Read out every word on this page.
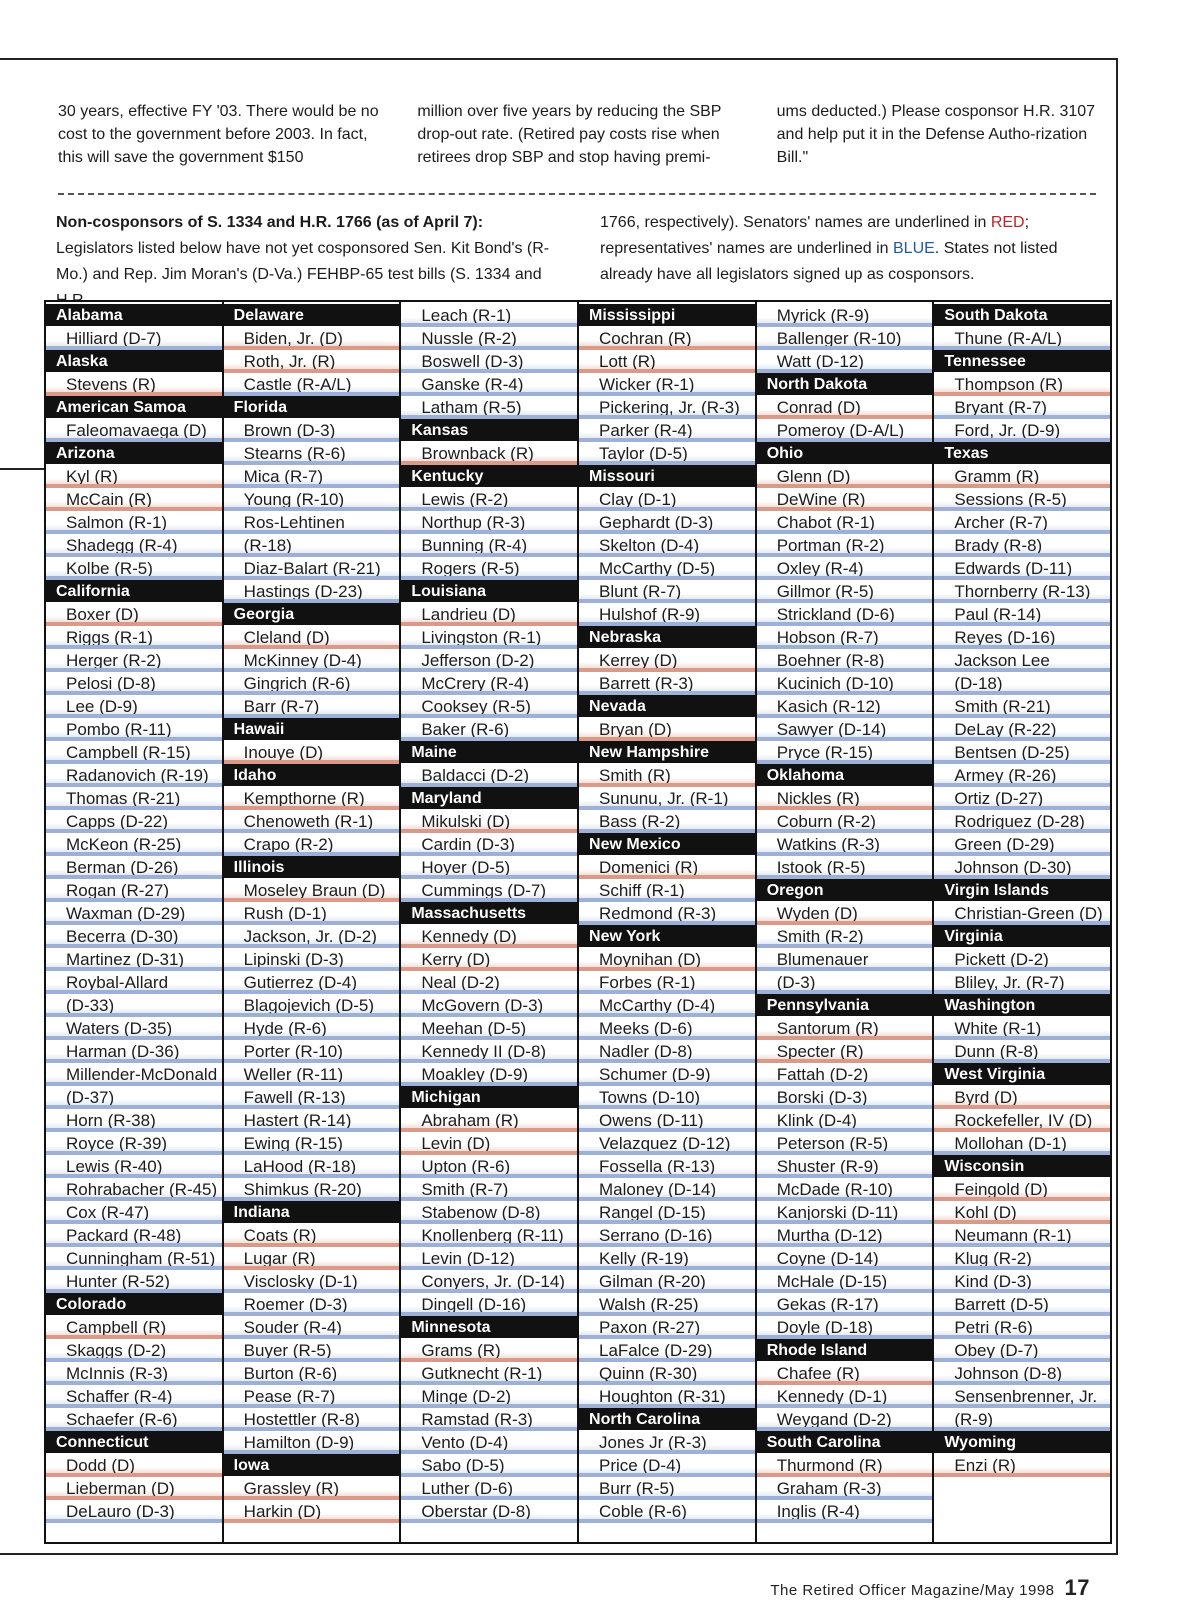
30 years, effective FY '03. There would be no cost to the government before 2003. In fact, this will save the government $150
million over five years by reducing the SBP drop-out rate. (Retired pay costs rise when retirees drop SBP and stop having premi-
ums deducted.) Please cosponsor H.R. 3107 and help put it in the Defense Autho-rization Bill."
Non-cosponsors of S. 1334 and H.R. 1766 (as of April 7): Legislators listed below have not yet cosponsored Sen. Kit Bond's (R-Mo.) and Rep. Jim Moran's (D-Va.) FEHBP-65 test bills (S. 1334 and
1766, respectively). Senators' names are underlined in RED; representatives' names are underlined in BLUE. States not listed already have all legislators signed up as cosponsors.
Alabama
Hilliard (D-7)
Alaska
Stevens (R)
American Samoa
Faleomavaega (D)
Arizona
Kyl (R)
McCain (R)
Salmon (R-1)
Shadegg (R-4)
Kolbe (R-5)
California
Boxer (D)
Riggs (R-1)
Herger (R-2)
Pelosi (D-8)
Lee (D-9)
Pombo (R-11)
Campbell (R-15)
Radanovich (R-19)
Thomas (R-21)
Capps (D-22)
McKeon (R-25)
Berman (D-26)
Rogan (R-27)
Waxman (D-29)
Becerra (D-30)
Martinez (D-31)
Roybal-Allard
(D-33)
Waters (D-35)
Harman (D-36)
Millender-McDonald
(D-37)
Horn (R-38)
Royce (R-39)
Lewis (R-40)
Rohrabacher (R-45)
Cox (R-47)
Packard (R-48)
Cunningham (R-51)
Hunter (R-52)
Colorado
Campbell (R)
Skaggs (D-2)
McInnis (R-3)
Schaffer (R-4)
Schaefer (R-6)
Connecticut
Dodd (D)
Lieberman (D)
DeLauro (D-3)
Delaware
Biden, Jr. (D)
Roth, Jr. (R)
Castle (R-A/L)
Florida
Brown (D-3)
Stearns (R-6)
Mica (R-7)
Young (R-10)
Ros-Lehtinen
(R-18)
Diaz-Balart (R-21)
Hastings (D-23)
Georgia
Cleland (D)
McKinney (D-4)
Gingrich (R-6)
Barr (R-7)
Hawaii
Inouye (D)
Idaho
Kempthorne (R)
Chenoweth (R-1)
Crapo (R-2)
Illinois
Moseley Braun (D)
Rush (D-1)
Jackson, Jr. (D-2)
Lipinski (D-3)
Gutierrez (D-4)
Blagojevich (D-5)
Hyde (R-6)
Porter (R-10)
Weller (R-11)
Fawell (R-13)
Hastert (R-14)
Ewing (R-15)
LaHood (R-18)
Shimkus (R-20)
Indiana
Coats (R)
Lugar (R)
Visclosky (D-1)
Roemer (D-3)
Souder (R-4)
Buyer (R-5)
Burton (R-6)
Pease (R-7)
Hostettler (R-8)
Hamilton (D-9)
Iowa
Grassley (R)
Harkin (D)
Leach (R-1)
Nussle (R-2)
Boswell (D-3)
Ganske (R-4)
Latham (R-5)
Kansas
Brownback (R)
Kentucky
Lewis (R-2)
Northup (R-3)
Bunning (R-4)
Rogers (R-5)
Louisiana
Landrieu (D)
Livingston (R-1)
Jefferson (D-2)
McCrery (R-4)
Cooksey (R-5)
Baker (R-6)
Maine
Baldacci (D-2)
Maryland
Mikulski (D)
Cardin (D-3)
Hoyer (D-5)
Cummings (D-7)
Massachusetts
Kennedy (D)
Kerry (D)
Neal (D-2)
McGovern (D-3)
Meehan (D-5)
Kennedy II (D-8)
Moakley (D-9)
Michigan
Abraham (R)
Levin (D)
Upton (R-6)
Smith (R-7)
Stabenow (D-8)
Knollenberg (R-11)
Levin (D-12)
Conyers, Jr. (D-14)
Dingell (D-16)
Minnesota
Grams (R)
Gutknecht (R-1)
Minge (D-2)
Ramstad (R-3)
Vento (D-4)
Sabo (D-5)
Luther (D-6)
Oberstar (D-8)
Mississippi
Cochran (R)
Lott (R)
Wicker (R-1)
Pickering, Jr. (R-3)
Parker (R-4)
Taylor (D-5)
Missouri
Clay (D-1)
Gephardt (D-3)
Skelton (D-4)
McCarthy (D-5)
Blunt (R-7)
Hulshof (R-9)
Nebraska
Kerrey (D)
Barrett (R-3)
Nevada
Bryan (D)
New Hampshire
Smith (R)
Sununu, Jr. (R-1)
Bass (R-2)
New Mexico
Domenici (R)
Schiff (R-1)
Redmond (R-3)
New York
Moynihan (D)
Forbes (R-1)
McCarthy (D-4)
Meeks (D-6)
Nadler (D-8)
Schumer (D-9)
Towns (D-10)
Owens (D-11)
Velazquez (D-12)
Fossella (R-13)
Maloney (D-14)
Rangel (D-15)
Serrano (D-16)
Kelly (R-19)
Gilman (R-20)
Walsh (R-25)
Paxon (R-27)
LaFalce (D-29)
Quinn (R-30)
Houghton (R-31)
North Carolina
Jones Jr (R-3)
Price (D-4)
Burr (R-5)
Coble (R-6)
Myrick (R-9)
Ballenger (R-10)
Watt (D-12)
North Dakota
Conrad (D)
Pomeroy (D-A/L)
Ohio
Glenn (D)
DeWine (R)
Chabot (R-1)
Portman (R-2)
Oxley (R-4)
Gillmor (R-5)
Strickland (D-6)
Hobson (R-7)
Boehner (R-8)
Kucinich (D-10)
Kasich (R-12)
Sawyer (D-14)
Pryce (R-15)
Oklahoma
Nickles (R)
Coburn (R-2)
Watkins (R-3)
Istook (R-5)
Oregon
Wyden (D)
Smith (R-2)
Blumenauer
(D-3)
Pennsylvania
Santorum (R)
Specter (R)
Fattah (D-2)
Borski (D-3)
Klink (D-4)
Peterson (R-5)
Shuster (R-9)
McDade (R-10)
Kanjorski (D-11)
Murtha (D-12)
Coyne (D-14)
McHale (D-15)
Gekas (R-17)
Doyle (D-18)
Rhode Island
Chafee (R)
Kennedy (D-1)
Weygand (D-2)
South Carolina
Thurmond (R)
Graham (R-3)
Inglis (R-4)
South Dakota
Thune (R-A/L)
Tennessee
Thompson (R)
Bryant (R-7)
Ford, Jr. (D-9)
Texas
Gramm (R)
Sessions (R-5)
Archer (R-7)
Brady (R-8)
Edwards (D-11)
Thornberry (R-13)
Paul (R-14)
Reyes (D-16)
Jackson Lee
(D-18)
Smith (R-21)
DeLay (R-22)
Bentsen (D-25)
Armey (R-26)
Ortiz (D-27)
Rodriguez (D-28)
Green (D-29)
Johnson (D-30)
Virgin Islands
Christian-Green (D)
Virginia
Pickett (D-2)
Bliley, Jr. (R-7)
Washington
White (R-1)
Dunn (R-8)
West Virginia
Byrd (D)
Rockefeller, IV (D)
Mollohan (D-1)
Wisconsin
Feingold (D)
Kohl (D)
Neumann (R-1)
Klug (R-2)
Kind (D-3)
Barrett (D-5)
Petri (R-6)
Obey (D-7)
Johnson (D-8)
Sensenbrenner, Jr.
(R-9)
Wyoming
Enzi (R)
The Retired Officer Magazine/May 1998 17
